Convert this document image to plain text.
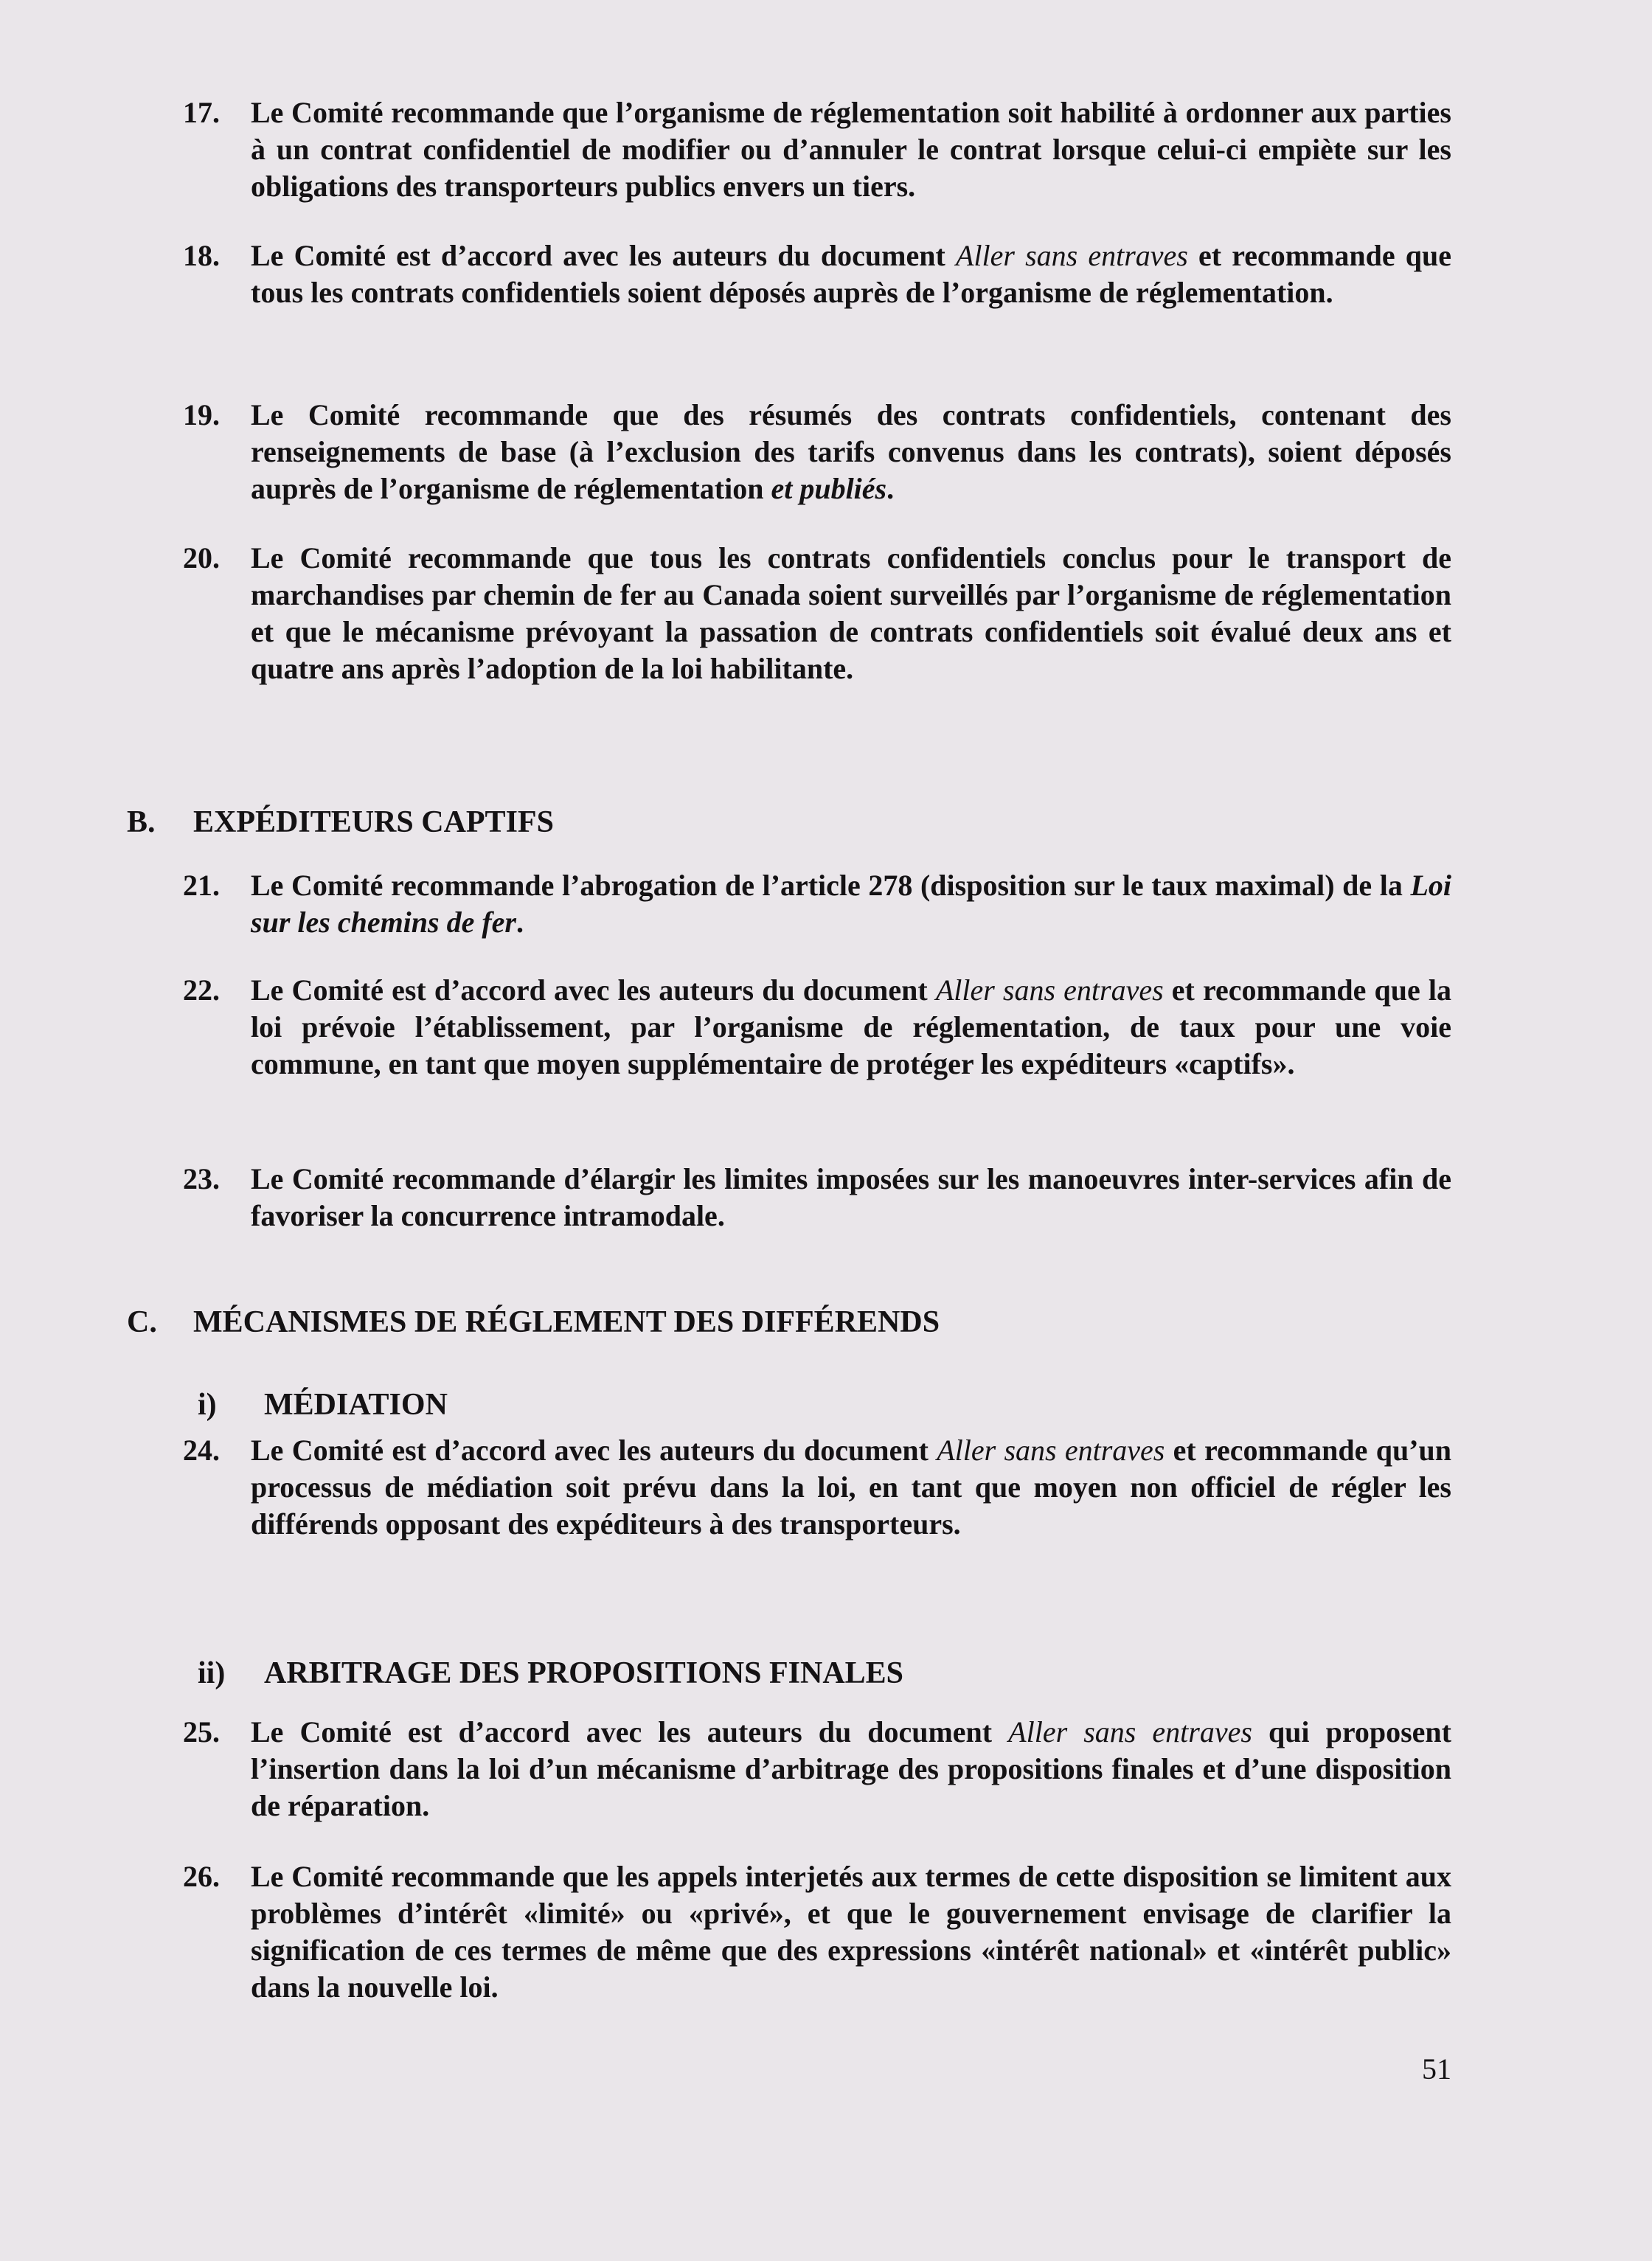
17.	Le Comité recommande que l’organisme de réglementation soit habilité à ordonner aux parties à un contrat confidentiel de modifier ou d’annuler le contrat lorsque celui-ci empiète sur les obligations des transporteurs publics envers un tiers.
18.	Le Comité est d’accord avec les auteurs du document Aller sans entraves et recommande que tous les contrats confidentiels soient déposés auprès de l’organisme de réglementation.
19.	Le Comité recommande que des résumés des contrats confidentiels, contenant des renseignements de base (à l’exclusion des tarifs convenus dans les contrats), soient déposés auprès de l’organisme de réglementation et publiés.
20.	Le Comité recommande que tous les contrats confidentiels conclus pour le transport de marchandises par chemin de fer au Canada soient surveillés par l’organisme de réglementation et que le mécanisme prévoyant la passation de contrats confidentiels soit évalué deux ans et quatre ans après l’adoption de la loi habilitante.
B. EXPÉDITEURS CAPTIFS
21.	Le Comité recommande l’abrogation de l’article 278 (disposition sur le taux maximal) de la Loi sur les chemins de fer.
22.	Le Comité est d’accord avec les auteurs du document Aller sans entraves et recommande que la loi prévoie l’établissement, par l’organisme de réglementation, de taux pour une voie commune, en tant que moyen supplémentaire de protéger les expéditeurs «captifs».
23.	Le Comité recommande d’élargir les limites imposées sur les manoeuvres inter-services afin de favoriser la concurrence intramodale.
C. MÉCANISMES DE RÉGLEMENT DES DIFFÉRENDS
i) MÉDIATION
24.	Le Comité est d’accord avec les auteurs du document Aller sans entraves et recommande qu’un processus de médiation soit prévu dans la loi, en tant que moyen non officiel de régler les différends opposant des expéditeurs à des transporteurs.
ii) ARBITRAGE DES PROPOSITIONS FINALES
25.	Le Comité est d’accord avec les auteurs du document Aller sans entraves qui proposent l’insertion dans la loi d’un mécanisme d’arbitrage des propositions finales et d’une disposition de réparation.
26.	Le Comité recommande que les appels interjetés aux termes de cette disposition se limitent aux problèmes d’intérêt «limité» ou «privé», et que le gouvernement envisage de clarifier la signification de ces termes de même que des expressions «intérêt national» et «intérêt public» dans la nouvelle loi.
51
